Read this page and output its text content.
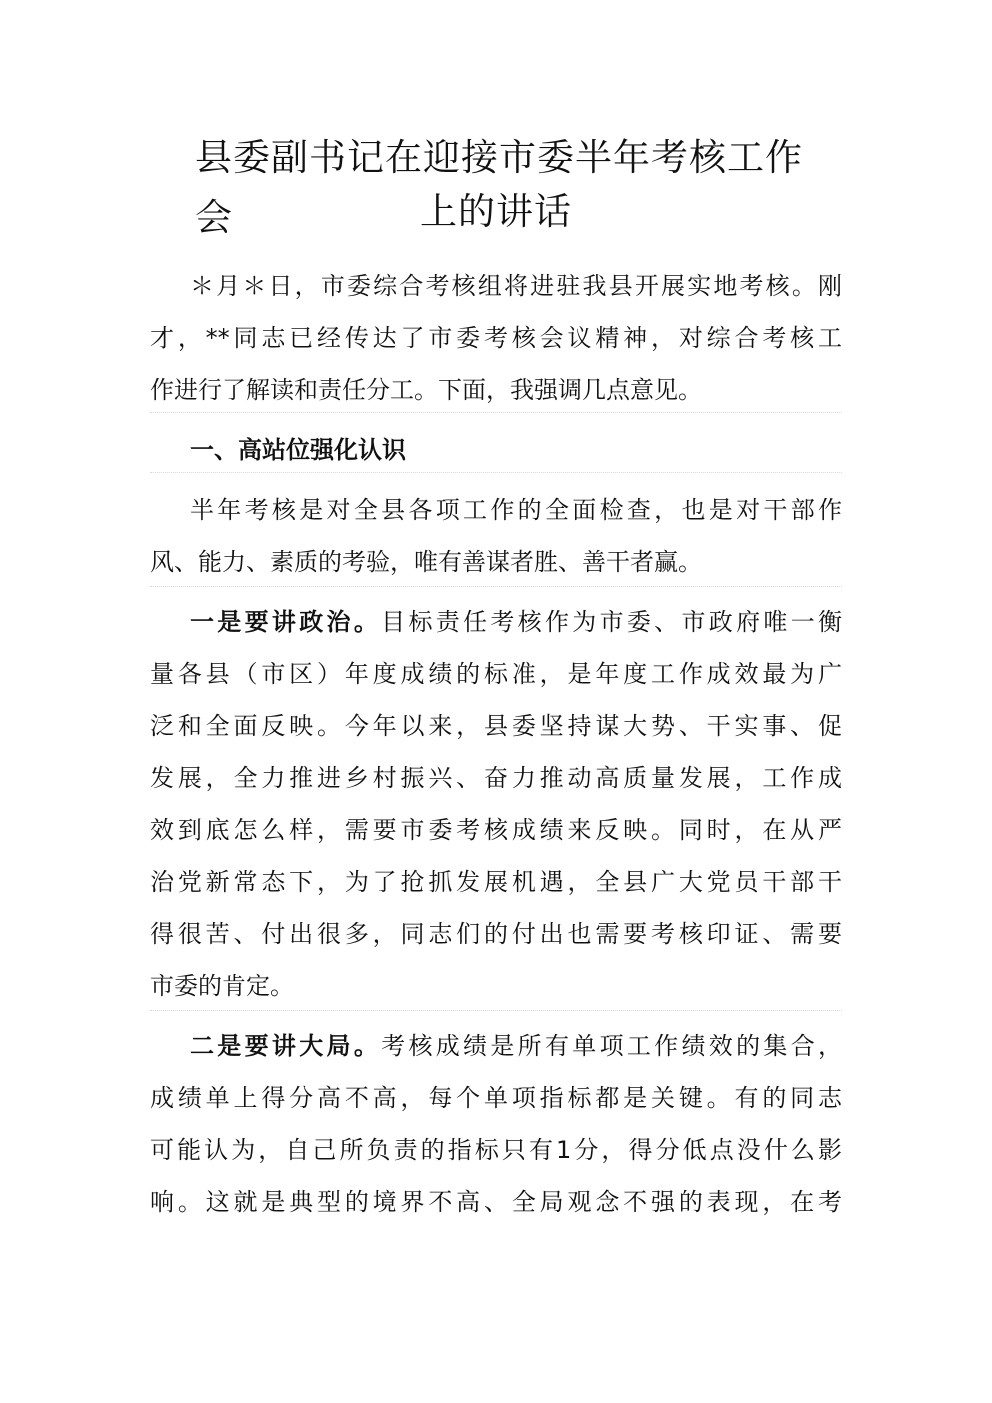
县委副书记在迎接市委半年考核工作会	上的讲话
＊月＊日，市委综合考核组将进驻我县开展实地考核。刚
才，**同志已经传达了市委考核会议精神，对综合考核工
作进行了解读和责任分工。下面，我强调几点意见。
一、高站位强化认识
半年考核是对全县各项工作的全面检查，也是对干部作
风、能力、素质的考验，唯有善谋者胜、善干者赢。
一是要讲政治。目标责任考核作为市委、市政府唯一衡
量各县（市区）年度成绩的标准，是年度工作成效最为广
泛和全面反映。今年以来，县委坚持谋大势、干实事、促
发展，全力推进乡村振兴、奋力推动高质量发展，工作成
效到底怎么样，需要市委考核成绩来反映。同时，在从严
治党新常态下，为了抢抓发展机遇，全县广大党员干部干
得很苦、付出很多，同志们的付出也需要考核印证、需要
市委的肯定。
二是要讲大局。考核成绩是所有单项工作绩效的集合，
成绩单上得分高不高，每个单项指标都是关键。有的同志
可能认为，自己所负责的指标只有1分，得分低点没什么影
响。这就是典型的境界不高、全局观念不强的表现，在考
